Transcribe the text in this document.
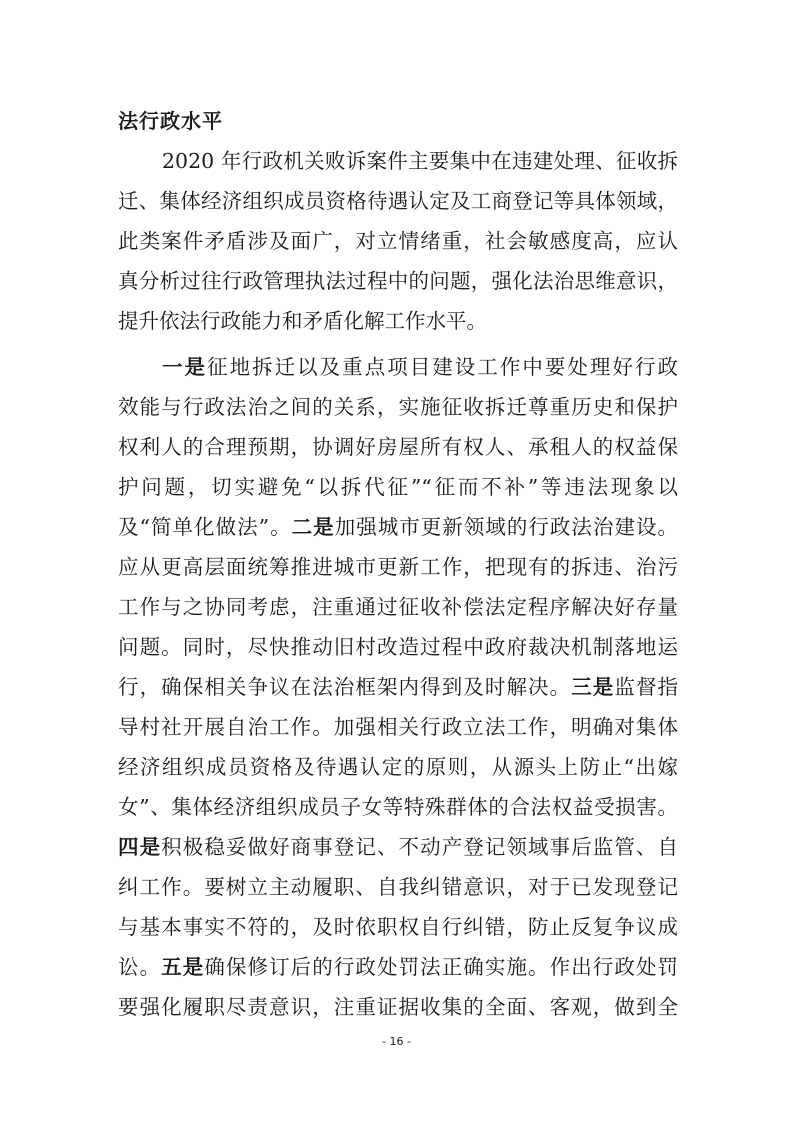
法行政水平
2020 年行政机关败诉案件主要集中在违建处理、征收拆
迁、集体经济组织成员资格待遇认定及工商登记等具体领域，
此类案件矛盾涉及面广，对立情绪重，社会敏感度高，应认
真分析过往行政管理执法过程中的问题，强化法治思维意识，
提升依法行政能力和矛盾化解工作水平。
一是征地拆迁以及重点项目建设工作中要处理好行政
效能与行政法治之间的关系，实施征收拆迁尊重历史和保护
权利人的合理预期，协调好房屋所有权人、承租人的权益保
护问题，切实避免“以拆代征”“征而不补”等违法现象以
及“简单化做法”。二是加强城市更新领域的行政法治建设。
应从更高层面统筹推进城市更新工作，把现有的拆违、治污
工作与之协同考虑，注重通过征收补偿法定程序解决好存量
问题。同时，尽快推动旧村改造过程中政府裁决机制落地运
行，确保相关争议在法治框架内得到及时解决。三是监督指
导村社开展自治工作。加强相关行政立法工作，明确对集体
经济组织成员资格及待遇认定的原则，从源头上防止“出嫁
女”、集体经济组织成员子女等特殊群体的合法权益受损害。
四是积极稳妥做好商事登记、不动产登记领域事后监管、自
纠工作。要树立主动履职、自我纠错意识，对于已发现登记
与基本事实不符的，及时依职权自行纠错，防止反复争议成
讼。五是确保修订后的行政处罚法正确实施。作出行政处罚
要强化履职尽责意识，注重证据收集的全面、客观，做到全
- 16 -
